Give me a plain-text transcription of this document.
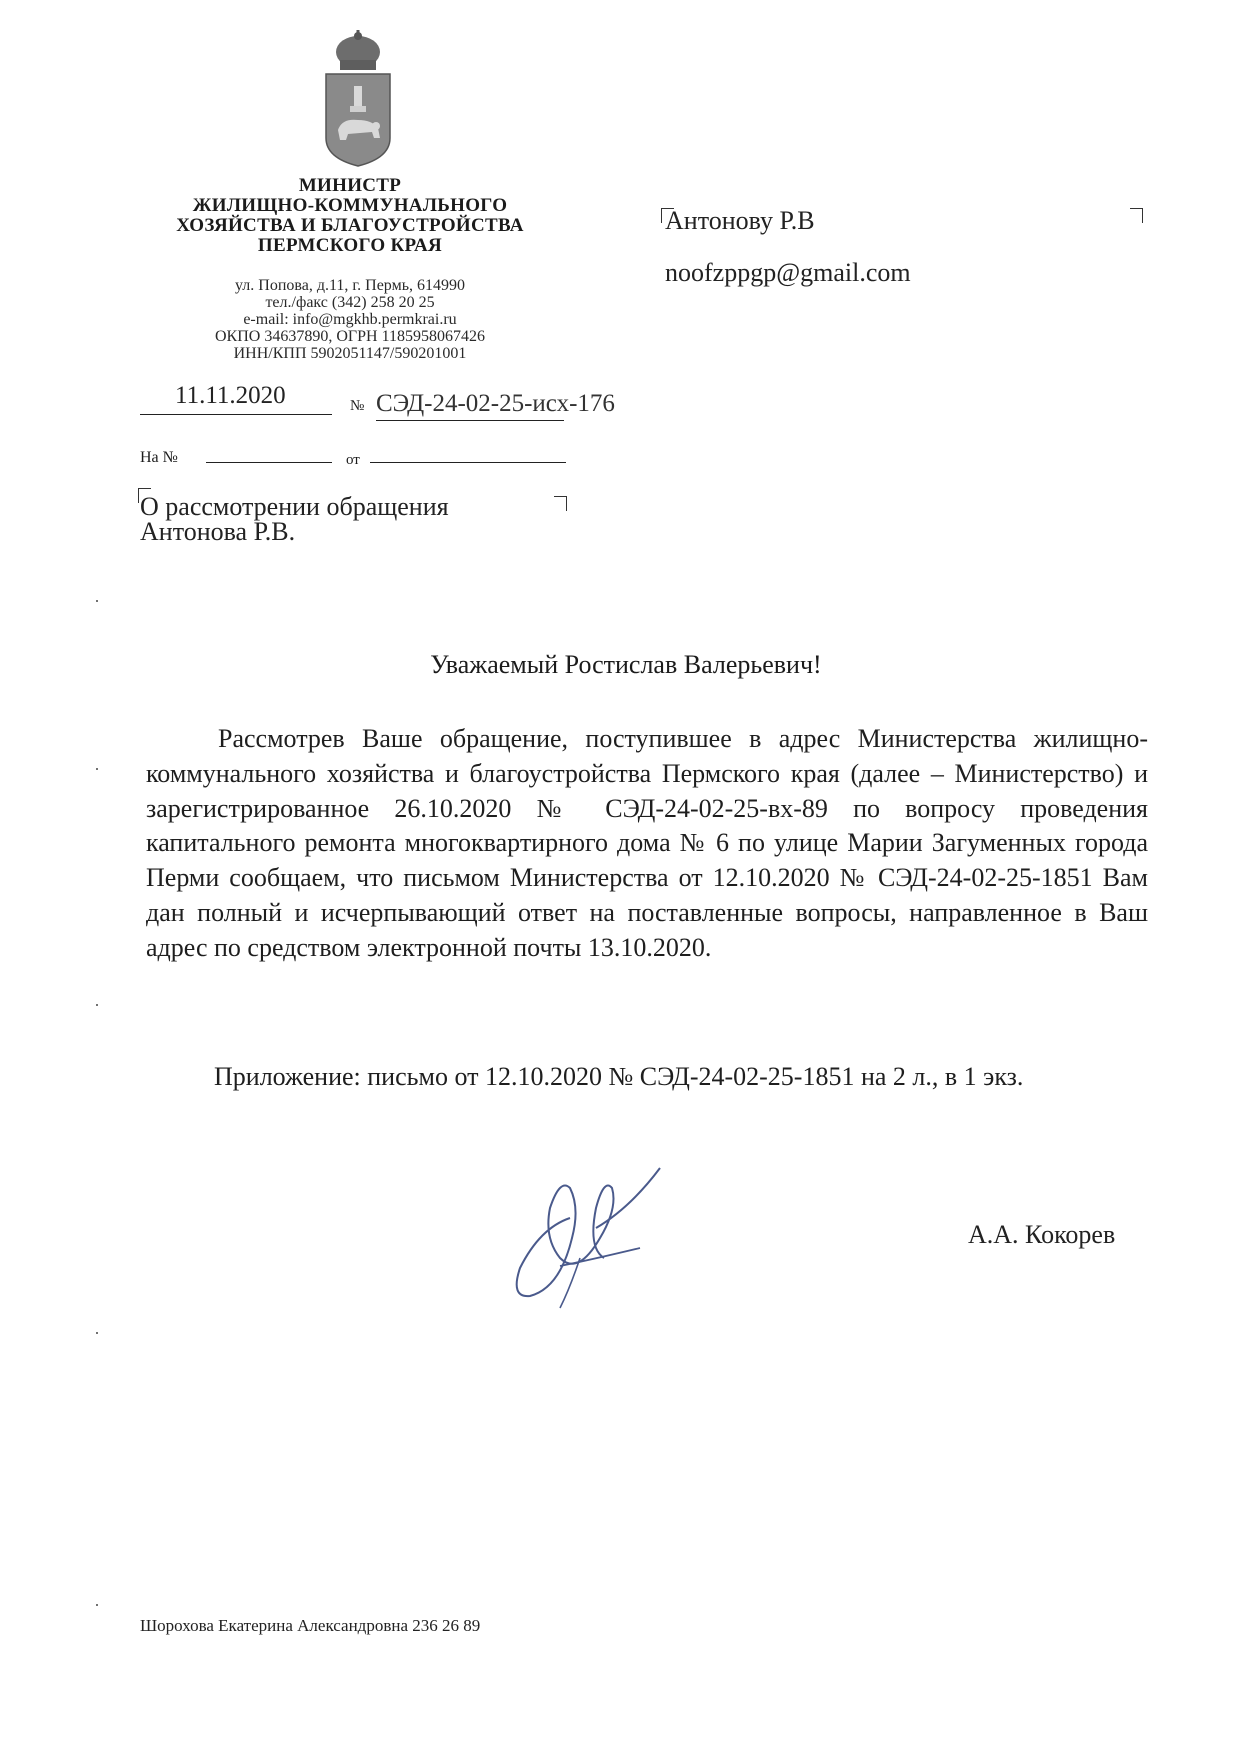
МИНИСТР
ЖИЛИЩНО-КОММУНАЛЬНОГО
ХОЗЯЙСТВА И БЛАГОУСТРОЙСТВА
ПЕРМСКОГО КРАЯ
ул. Попова, д.11, г. Пермь, 614990
тел./факс (342) 258 20 25
e-mail: info@mgkhb.permkrai.ru
ОКПО 34637890, ОГРН 1185958067426
ИНН/КПП 5902051147/590201001
11.11.2020	№ СЭД-24-02-25-исх-176
На №	от
О рассмотрении обращения
Антонова Р.В.
Антонову Р.В
noofzppgp@gmail.com
Уважаемый Ростислав Валерьевич!
Рассмотрев Ваше обращение, поступившее в адрес Министерства жилищно-коммунального хозяйства и благоустройства Пермского края (далее – Министерство) и зарегистрированное 26.10.2020 № СЭД-24-02-25-вх-89 по вопросу проведения капитального ремонта многоквартирного дома № 6 по улице Марии Загуменных города Перми сообщаем, что письмом Министерства от 12.10.2020 № СЭД-24-02-25-1851 Вам дан полный и исчерпывающий ответ на поставленные вопросы, направленное в Ваш адрес по средством электронной почты 13.10.2020.
Приложение: письмо от 12.10.2020 № СЭД-24-02-25-1851 на 2 л., в 1 экз.
А.А. Кокорев
Шорохова Екатерина Александровна 236 26 89
